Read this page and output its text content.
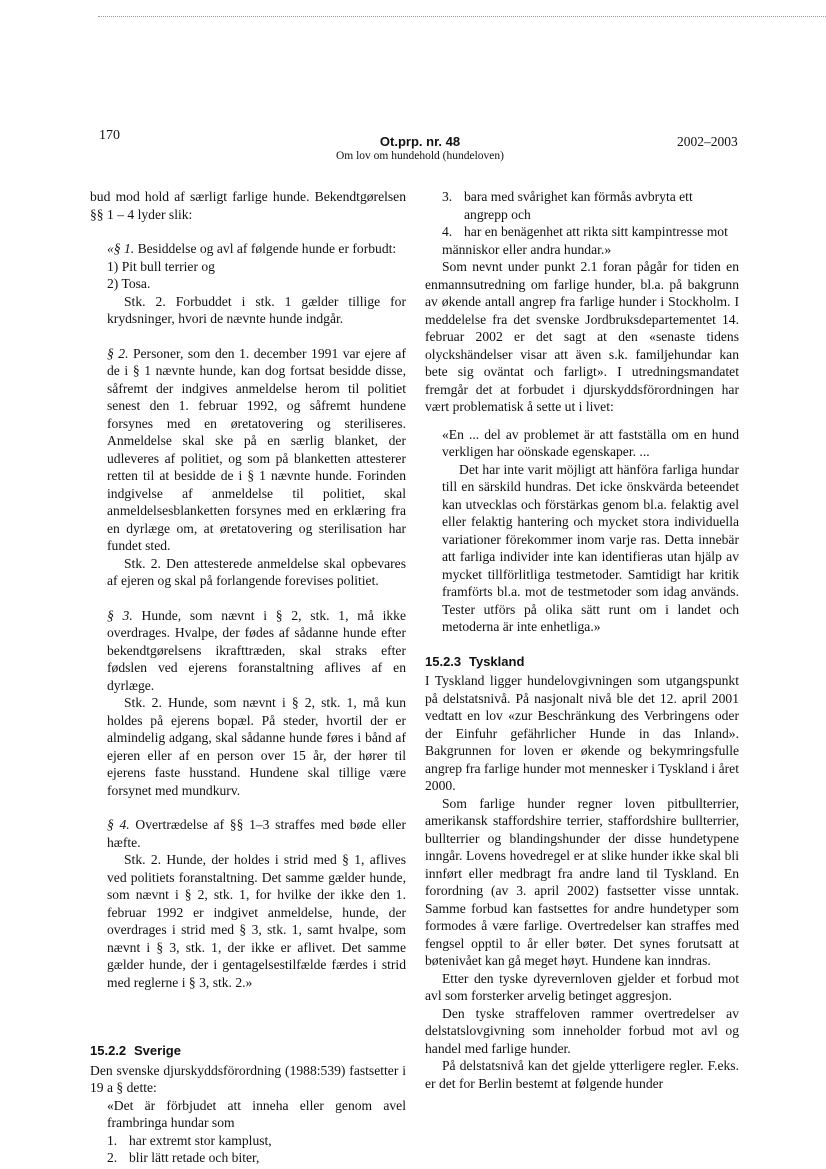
170	Ot.prp. nr. 48
Om lov om hundehold (hundeloven)
2002–2003

bud mod hold af særligt farlige hunde. Bekendtgørelsen §§ 1 – 4 lyder slik:

«§ 1. Besiddelse og avl af følgende hunde er forbudt:

1) Pit bull terrier og

2) Tosa.

Stk. 2. Forbuddet i stk. 1 gælder tillige for krydsninger, hvori de nævnte hunde indgår.

§ 2. Personer, som den 1. december 1991 var ejere af de i § 1 nævnte hunde, kan dog fortsat besidde disse, såfremt der indgives anmeldelse herom til politiet senest den 1. februar 1992, og såfremt hundene forsynes med en øretatovering og steriliseres. Anmeldelse skal ske på en særlig blanket, der udleveres af politiet, og som på blanketten attesterer retten til at besidde de i § 1 nævnte hunde. Forinden indgivelse af anmeldelse til politiet, skal anmeldelsesblanketten forsynes med en erklæring fra en dyrlæge om, at øretatovering og sterilisation har fundet sted.

Stk. 2. Den attesterede anmeldelse skal opbevares af ejeren og skal på forlangende forevises politiet.

§ 3. Hunde, som nævnt i § 2, stk. 1, må ikke overdrages. Hvalpe, der fødes af sådanne hunde efter bekendtgørelsens ikrafttræden, skal straks efter fødslen ved ejerens foranstaltning aflives af en dyrlæge.

Stk. 2. Hunde, som nævnt i § 2, stk. 1, må kun holdes på ejerens bopæl. På steder, hvortil der er almindelig adgang, skal sådanne hunde føres i bånd af ejeren eller af en person over 15 år, der hører til ejerens faste husstand. Hundene skal tillige være forsynet med mundkurv.

§ 4. Overtrædelse af §§ 1–3 straffes med bøde eller hæfte.

Stk. 2. Hunde, der holdes i strid med § 1, aflives ved politiets foranstaltning. Det samme gælder hunde, som nævnt i § 2, stk. 1, for hvilke der ikke den 1. februar 1992 er indgivet anmeldelse, hunde, der overdrages i strid med § 3, stk. 1, samt hvalpe, som nævnt i § 3, stk. 1, der ikke er aflivet. Det samme gælder hunde, der i gentagelsestilfælde færdes i strid med reglerne i § 3, stk. 2.»

15.2.2 Sverige

Den svenske djurskyddsförordning (1988:539) fastsetter i 19 a § dette:

«Det är förbjudet att inneha eller genom avel frambringa hundar som

1. har extremt stor kamplust,
2. blir lätt retade och biter,
3. bara med svårighet kan förmås avbryta ett angrepp och
4. har en benägenhet att rikta sitt kampintresse mot

människor eller andra hundar.»

Som nevnt under punkt 2.1 foran pågår for tiden en enmannsutredning om farlige hunder, bl.a. på bakgrunn av økende antall angrep fra farlige hunder i Stockholm. I meddelelse fra det svenske Jordbruksdepartementet 14. februar 2002 er det sagt at den «senaste tidens olyckshändelser visar att även s.k. familjehundar kan bete sig oväntat och farligt». I utredningsmandatet fremgår det at forbudet i djurskyddsförordningen har vært problematisk å sette ut i livet:

«En ... del av problemet är att fastställa om en hund verkligen har oönskade egenskaper. ...

Det har inte varit möjligt att hänföra farliga hundar till en särskild hundras. Det icke önskvärda beteendet kan utvecklas och förstärkas genom bl.a. felaktig avel eller felaktig hantering och mycket stora individuella variationer förekommer inom varje ras. Detta innebär att farliga individer inte kan identifieras utan hjälp av mycket tillförlitliga testmetoder. Samtidigt har kritik framförts bl.a. mot de testmetoder som idag används. Tester utförs på olika sätt runt om i landet och metoderna är inte enhetliga.»

15.2.3 Tyskland

I Tyskland ligger hundelovgivningen som utgangspunkt på delstatsnivå. På nasjonalt nivå ble det 12. april 2001 vedtatt en lov «zur Beschränkung des Verbringens oder der Einfuhr gefährlicher Hunde in das Inland». Bakgrunnen for loven er økende og bekymringsfulle angrep fra farlige hunder mot mennesker i Tyskland i året 2000.

Som farlige hunder regner loven pitbullterrier, amerikansk staffordshire terrier, staffordshire bullterrier, bullterrier og blandingshunder der disse hundetypene inngår. Lovens hovedregel er at slike hunder ikke skal bli innført eller medbragt fra andre land til Tyskland. En forordning (av 3. april 2002) fastsetter visse unntak. Samme forbud kan fastsettes for andre hundetyper som formodes å være farlige. Overtredelser kan straffes med fengsel opptil to år eller bøter. Det synes forutsatt at bøtenivået kan gå meget høyt. Hundene kan inndras.

Etter den tyske dyrevernloven gjelder et forbud mot avl som forsterker arvelig betinget aggresjon.

Den tyske straffeloven rammer overtredelser av delstatslovgivning som inneholder forbud mot avl og handel med farlige hunder.

På delstatsnivå kan det gjelde ytterligere regler. F.eks. er det for Berlin bestemt at følgende hunder
